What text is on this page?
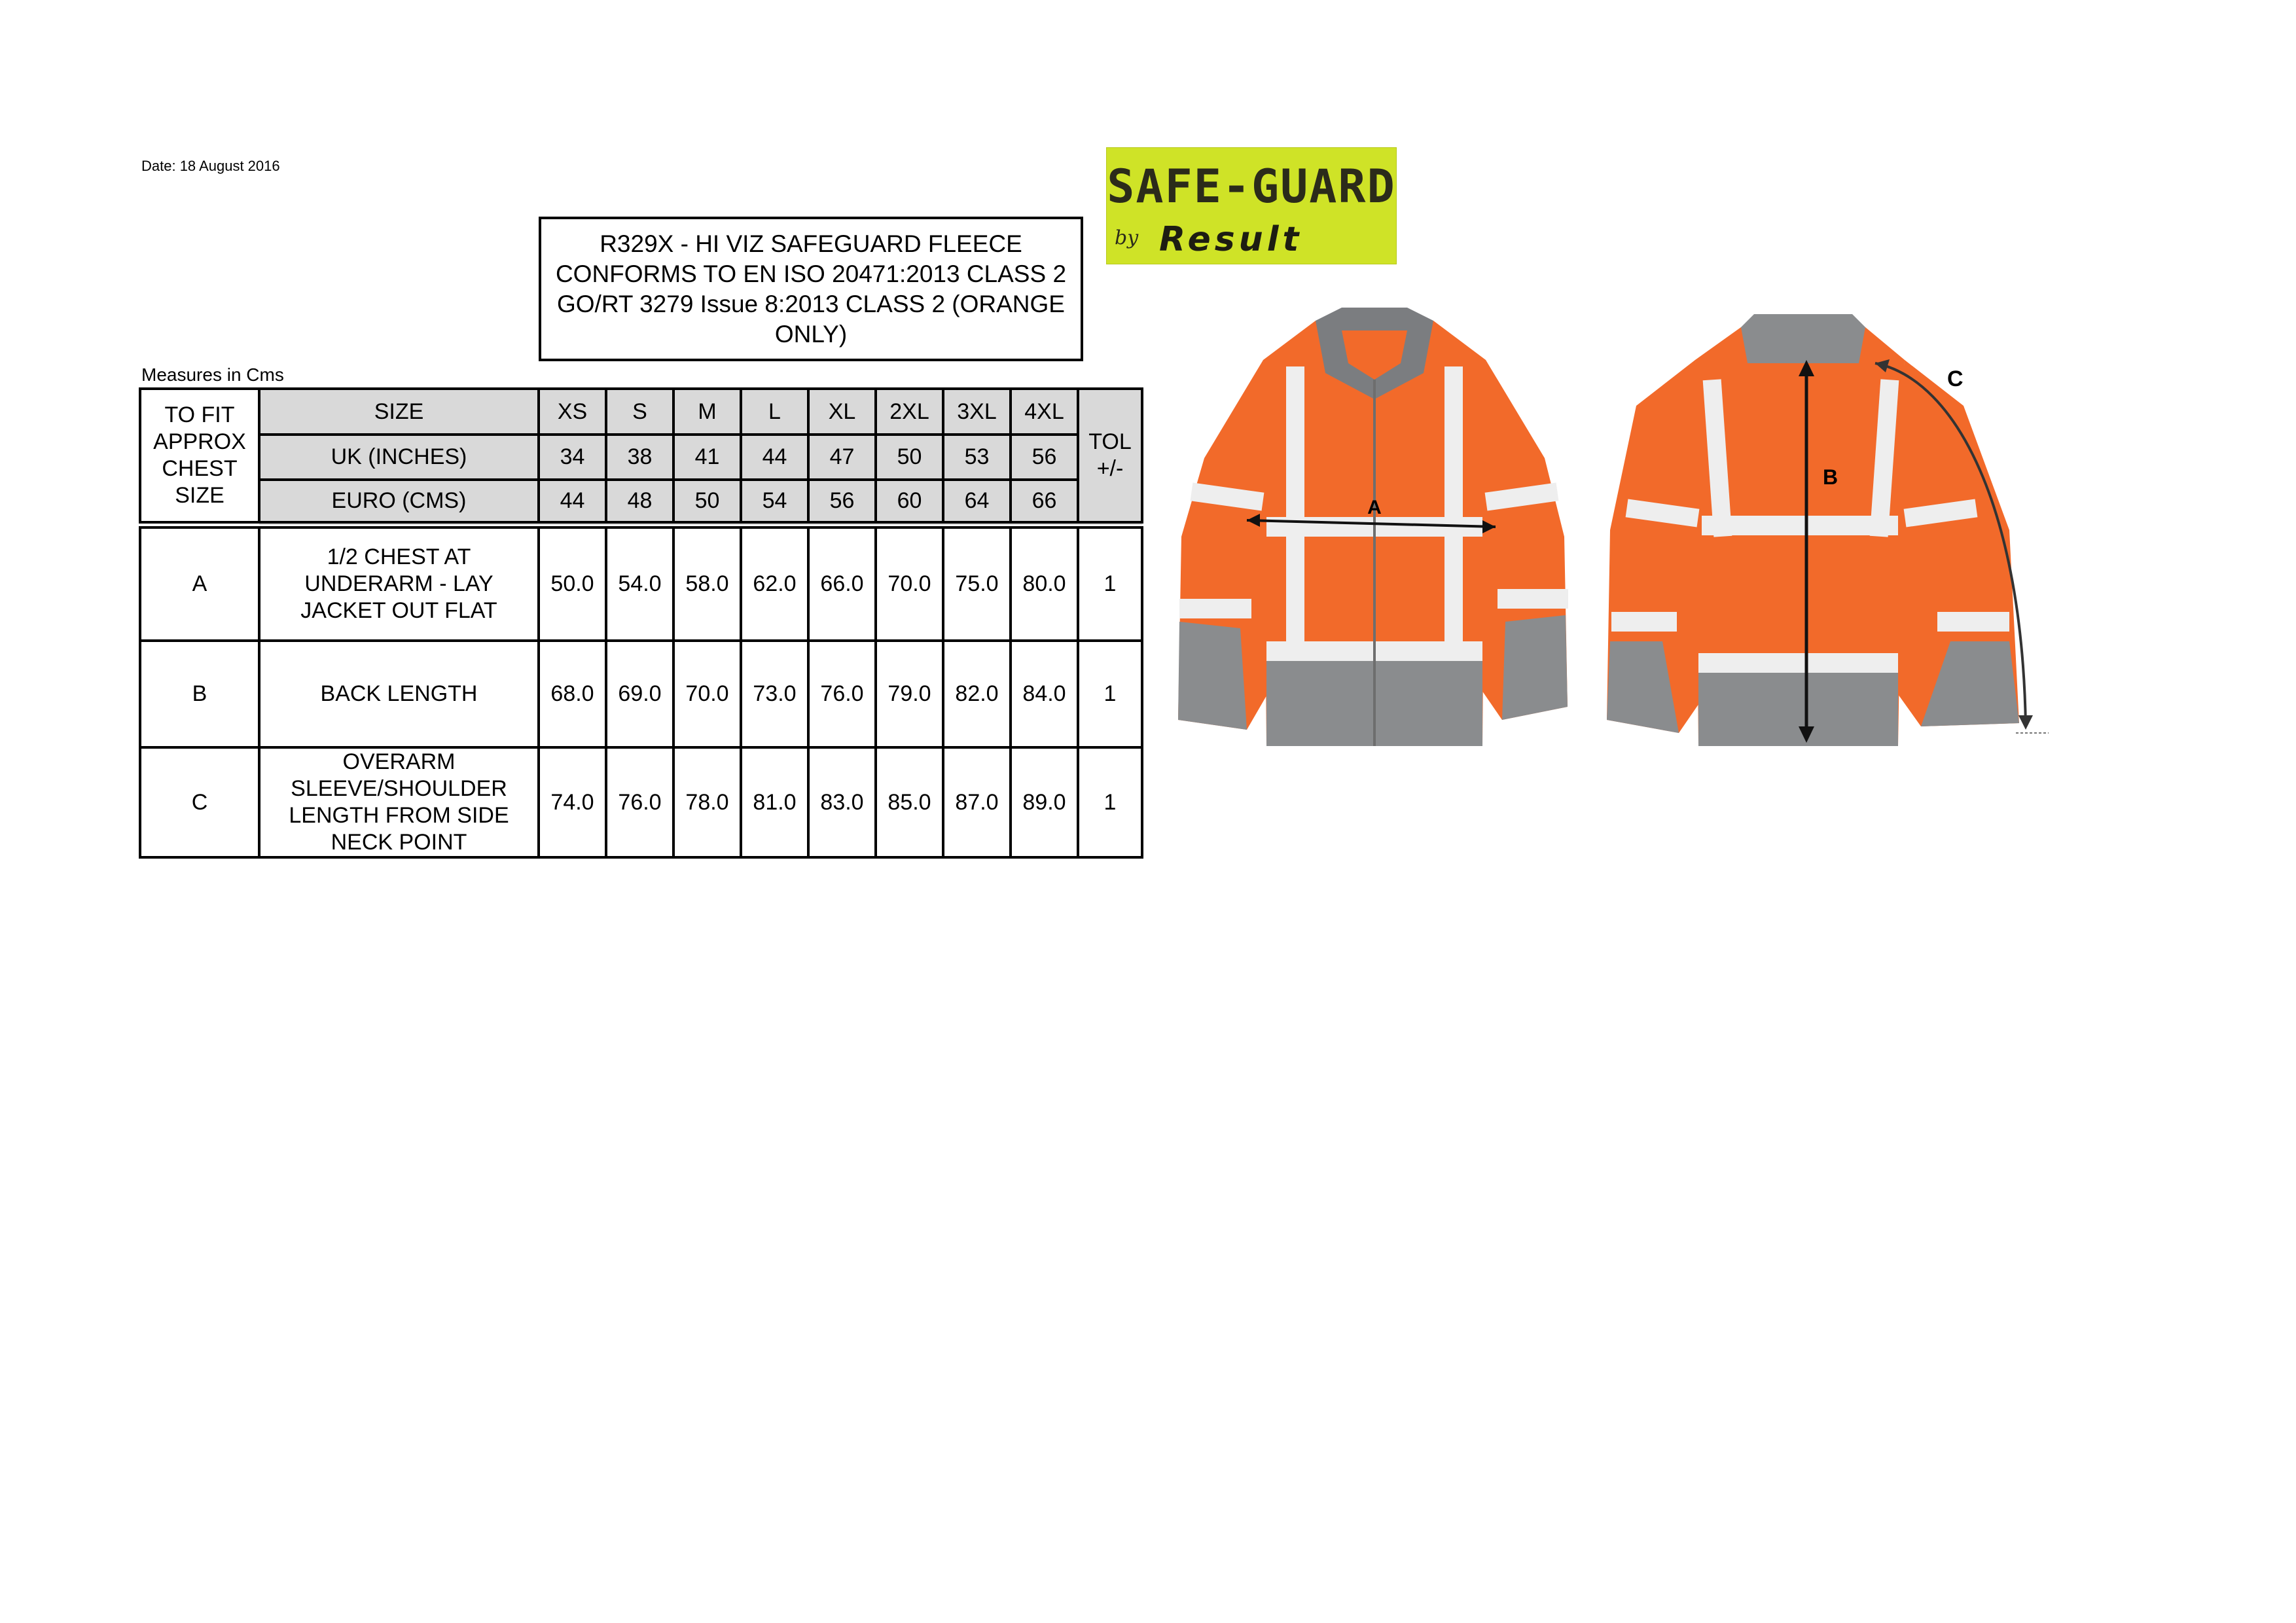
Date: 18 August 2016
R329X - HI VIZ SAFEGUARD FLEECE
CONFORMS TO EN ISO 20471:2013 CLASS 2
GO/RT 3279 Issue 8:2013 CLASS 2 (ORANGE
ONLY)
SAFE-GUARD
by Result
Measures in Cms
TO FIT APPROX CHEST SIZE	SIZE	XS	S	M	L	XL	2XL	3XL	4XL	TOL +/-
	UK (INCHES)	34	38	41	44	47	50	53	56	
	EURO (CMS)	44	48	50	54	56	60	64	66	
A	1/2 CHEST AT UNDERARM - LAY JACKET OUT FLAT	50.0	54.0	58.0	62.0	66.0	70.0	75.0	80.0	1
B	BACK LENGTH	68.0	69.0	70.0	73.0	76.0	79.0	82.0	84.0	1
C	OVERARM SLEEVE/SHOULDER LENGTH FROM SIDE NECK POINT	74.0	76.0	78.0	81.0	83.0	85.0	87.0	89.0	1
A
B
C
